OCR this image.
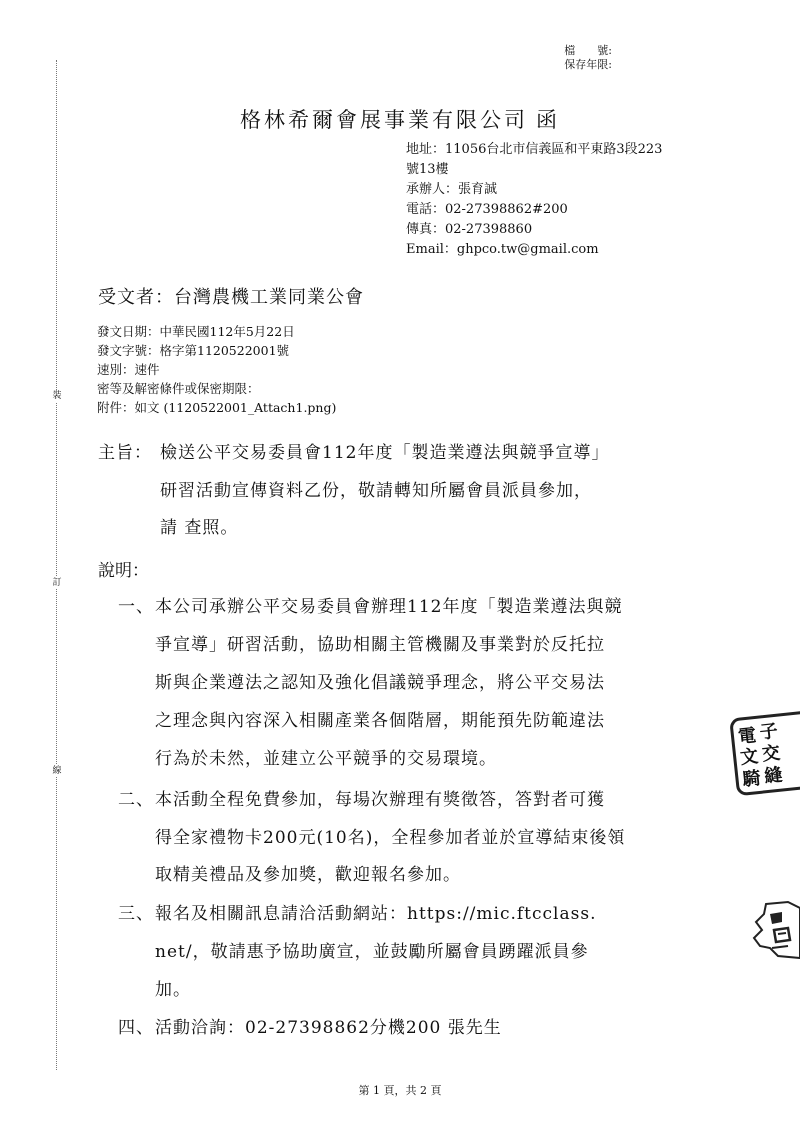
裝
訂
線
檔　　號:
保存年限:
格林希爾會展事業有限公司 函
地址：11056台北市信義區和平東路3段223
號13樓
承辦人：張育誠
電話：02-27398862#200
傳真：02-27398860
Email：ghpco.tw@gmail.com
受文者：台灣農機工業同業公會
發文日期：中華民國112年5月22日
發文字號：格字第1120522001號
速別：速件
密等及解密條件或保密期限：
附件：如文 (1120522001_Attach1.png)
主旨： 檢送公平交易委員會112年度「製造業遵法與競爭宣導」
研習活動宣傳資料乙份，敬請轉知所屬會員派員參加，
請 查照。
說明：
一、 本公司承辦公平交易委員會辦理112年度「製造業遵法與競
爭宣導」研習活動，協助相關主管機關及事業對於反托拉
斯與企業遵法之認知及強化倡議競爭理念，將公平交易法
之理念與內容深入相關產業各個階層，期能預先防範違法
行為於未然，並建立公平競爭的交易環境。
二、 本活動全程免費參加，每場次辦理有獎徵答，答對者可獲
得全家禮物卡200元(10名)，全程參加者並於宣導結束後領
取精美禮品及參加獎，歡迎報名參加。
三、 報名及相關訊息請洽活動網站：https://mic.ftcclass.
net/，敬請惠予協助廣宣，並鼓勵所屬會員踴躍派員參
加。
四、 活動洽詢：02-27398862分機200 張先生
電 子
文 交
騎 縫
第 1 頁，共 2 頁
